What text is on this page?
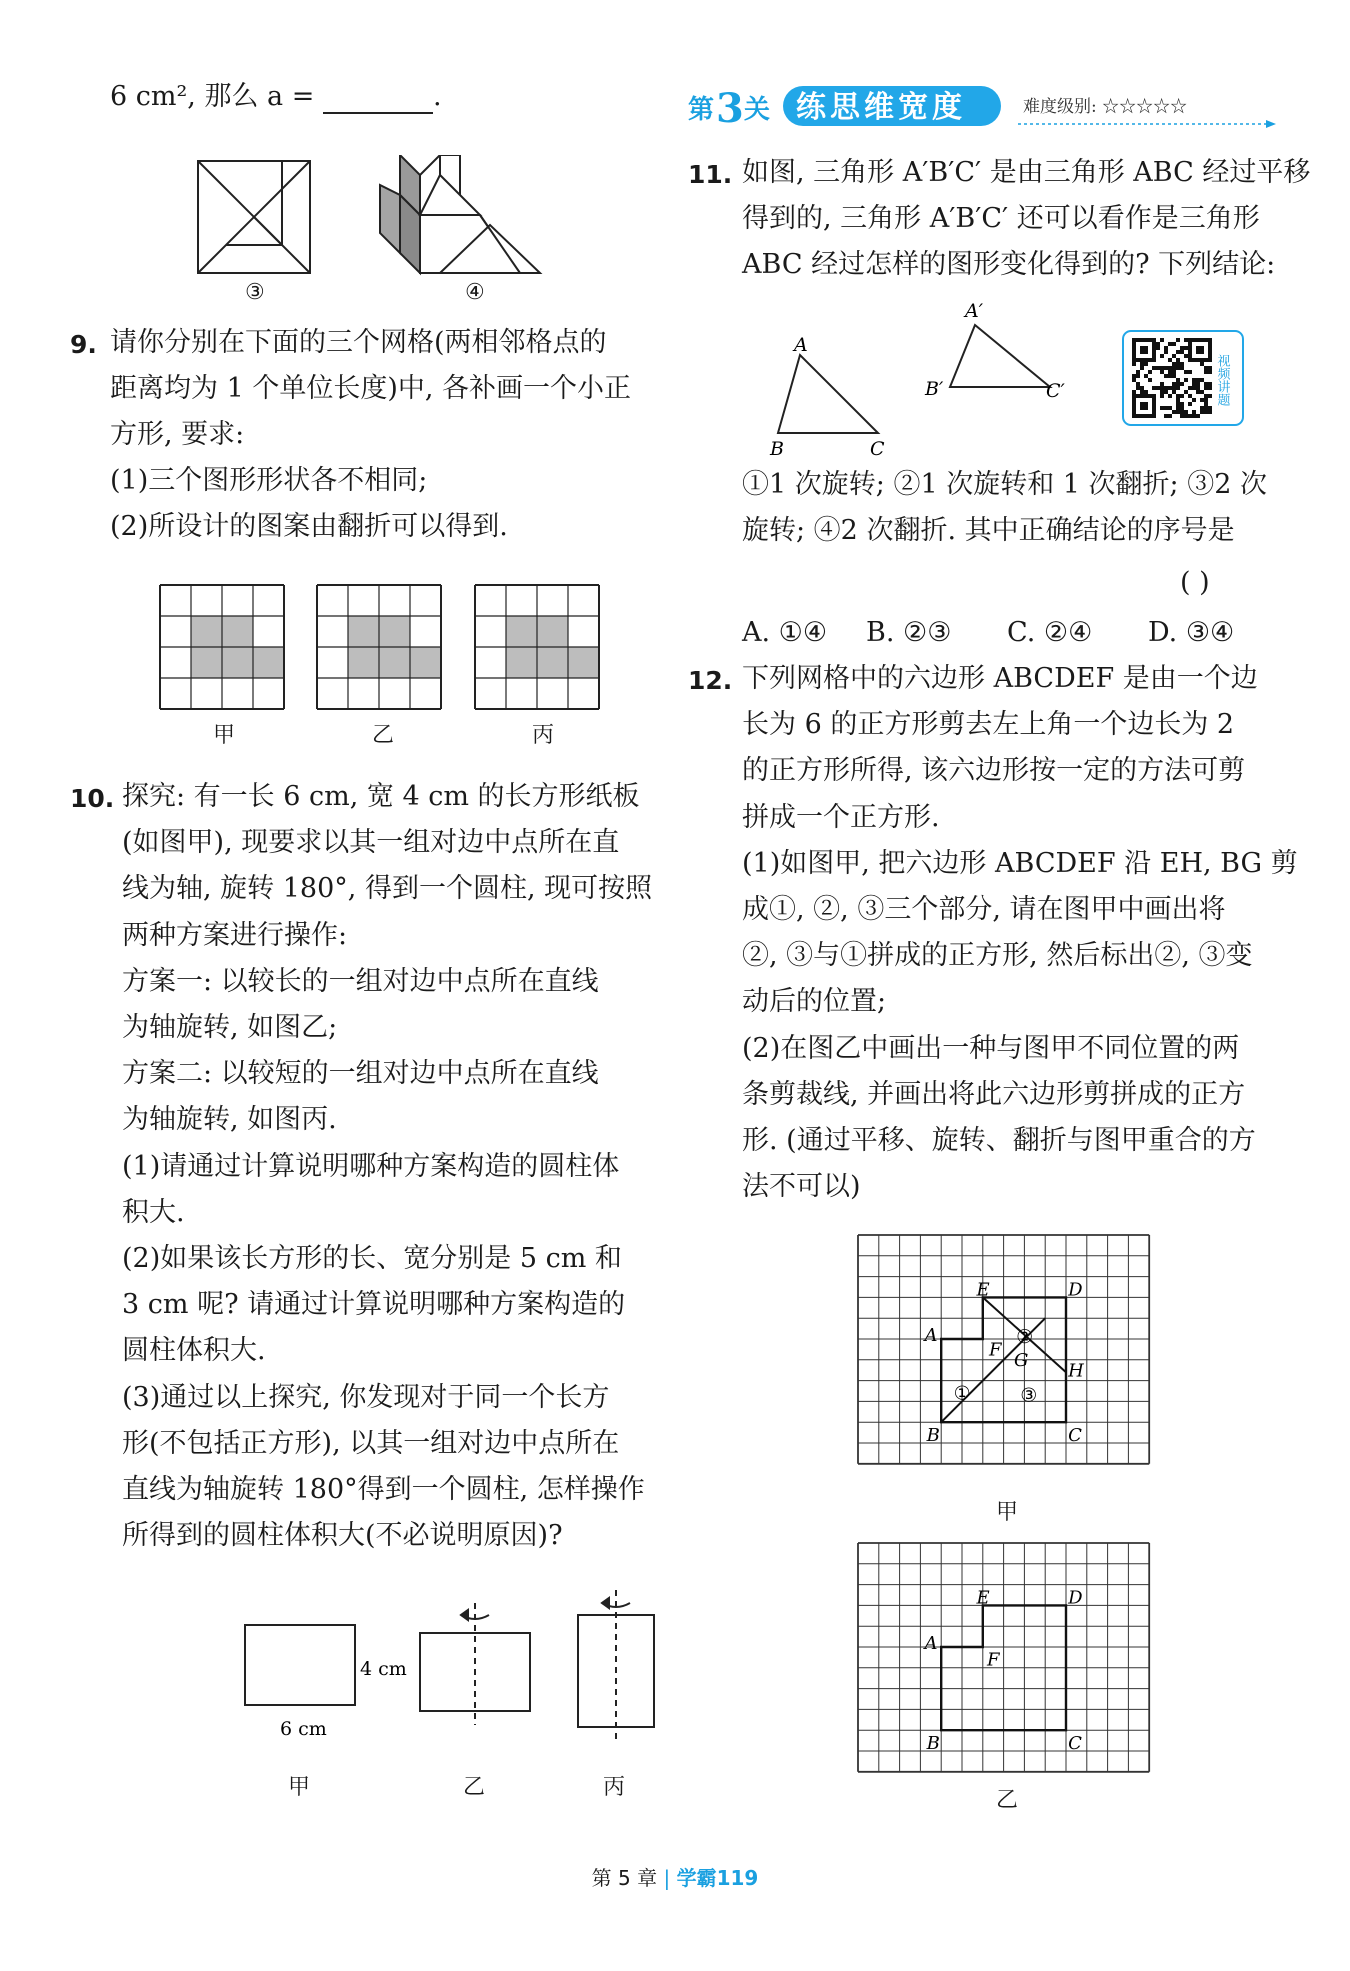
6 cm², 那么 a =	.
③	④
9. 请你分别在下面的三个网格(两相邻格点的
距离均为 1 个单位长度)中, 各补画一个小正
方形, 要求:
(1)三个图形形状各不相同;
(2)所设计的图案由翻折可以得到.
甲	乙	丙
10. 探究: 有一长 6 cm, 宽 4 cm 的长方形纸板
(如图甲), 现要求以其一组对边中点所在直
线为轴, 旋转 180°, 得到一个圆柱, 现可按照
两种方案进行操作:
方案一: 以较长的一组对边中点所在直线
为轴旋转, 如图乙;
方案二: 以较短的一组对边中点所在直线
为轴旋转, 如图丙.
(1)请通过计算说明哪种方案构造的圆柱体
积大.
(2)如果该长方形的长、宽分别是 5 cm 和
3 cm 呢? 请通过计算说明哪种方案构造的
圆柱体积大.
(3)通过以上探究, 你发现对于同一个长方
形(不包括正方形), 以其一组对边中点所在
直线为轴旋转 180°得到一个圆柱, 怎样操作
所得到的圆柱体积大(不必说明原因)?
4 cm
6 cm
甲	乙	丙
第 3 关 练思维宽度	难度级别: ☆☆☆☆☆
11. 如图, 三角形 A′B′C′ 是由三角形 ABC 经过平移
得到的, 三角形 A′B′C′ 还可以看作是三角形
ABC 经过怎样的图形变化得到的? 下列结论:
A
B	C
A′
B′	C′	视频讲题
①1 次旋转; ②1 次旋转和 1 次翻折; ③2 次
旋转; ④2 次翻折. 其中正确结论的序号是
( )
A. ①④ B. ②③ C. ②④ D. ③④
12. 下列网格中的六边形 ABCDEF 是由一个边
长为 6 的正方形剪去左上角一个边长为 2
的正方形所得, 该六边形按一定的方法可剪
拼成一个正方形.
(1)如图甲, 把六边形 ABCDEF 沿 EH, BG 剪
成①, ②, ③三个部分, 请在图甲中画出将
②, ③与①拼成的正方形, 然后标出②, ③变
动后的位置;
(2)在图乙中画出一种与图甲不同位置的两
条剪裁线, 并画出将此六边形剪拼成的正方
形. (通过平移、旋转、翻折与图甲重合的方
法不可以)
E	D
A
F G H
B	C
①
②
③
甲
E	D
A
F
B	C
乙
第 5 章 | 学霸119
